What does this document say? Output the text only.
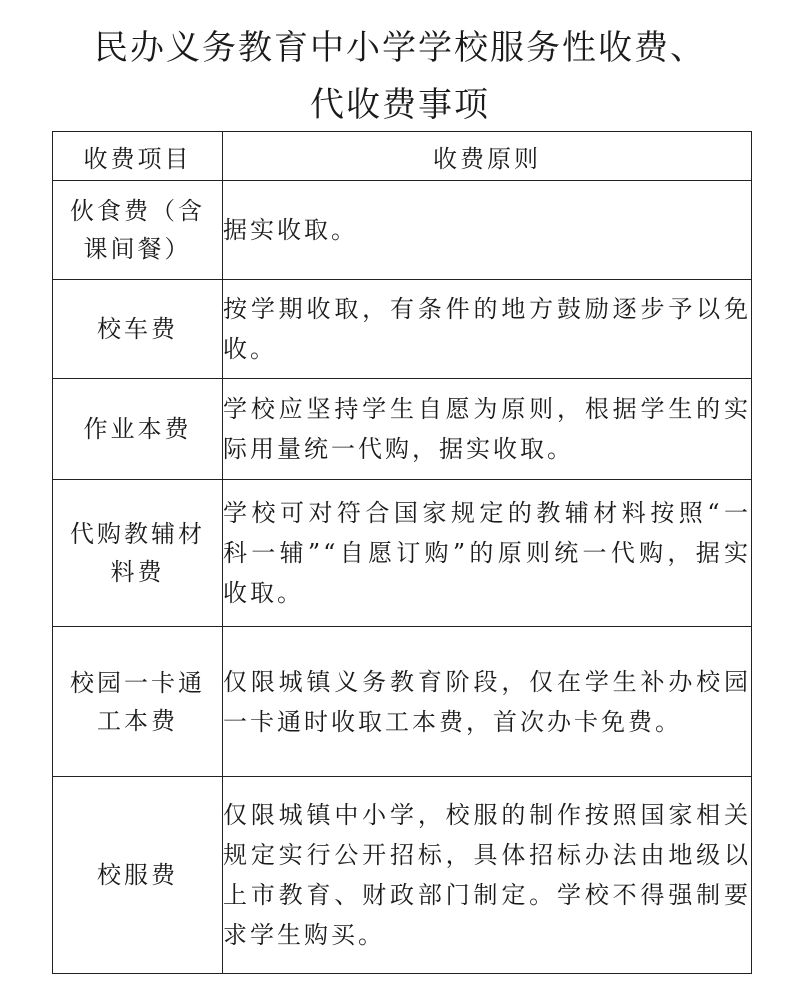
民办义务教育中小学学校服务性收费、
代收费事项
收费项目	收费原则

伙食费（含
课间餐）	据实收取。

校车费	按学期收取，有条件的地方鼓励逐步予以免收。

作业本费	学校应坚持学生自愿为原则，根据学生的实际用量统一代购，据实收取。

代购教辅材
料费	学校可对符合国家规定的教辅材料按照“一科一辅”“自愿订购”的原则统一代购，据实收取。

校园一卡通
工本费	仅限城镇义务教育阶段，仅在学生补办校园一卡通时收取工本费，首次办卡免费。

校服费	仅限城镇中小学，校服的制作按照国家相关规定实行公开招标，具体招标办法由地级以上市教育、财政部门制定。学校不得强制要求学生购买。
